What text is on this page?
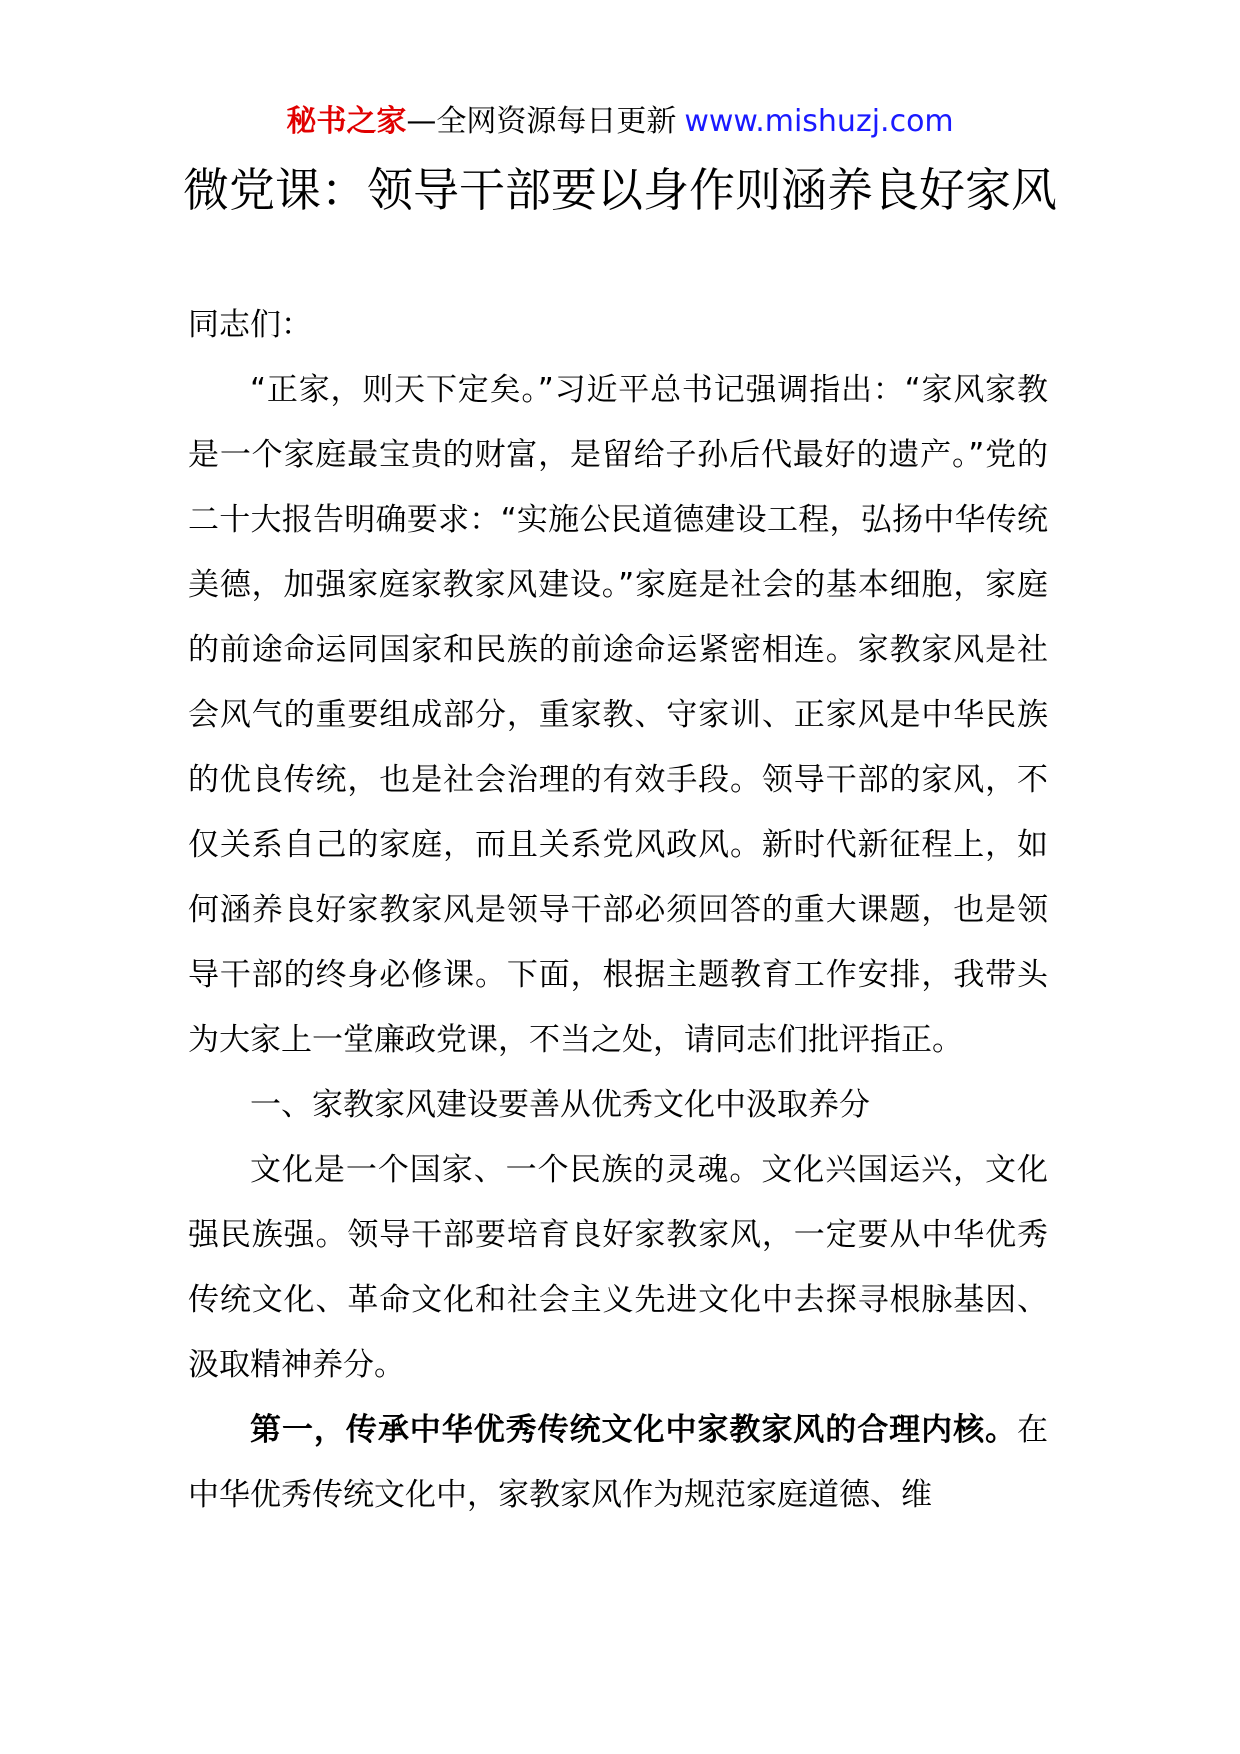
秘书之家—全网资源每日更新 www.mishuzj.com
微党课：领导干部要以身作则涵养良好家风

同志们：

“正家，则天下定矣。”习近平总书记强调指出：“家风家教是一个家庭最宝贵的财富，是留给子孙后代最好的遗产。”党的二十大报告明确要求：“实施公民道德建设工程，弘扬中华传统美德，加强家庭家教家风建设。”家庭是社会的基本细胞，家庭的前途命运同国家和民族的前途命运紧密相连。家教家风是社会风气的重要组成部分，重家教、守家训、正家风是中华民族的优良传统，也是社会治理的有效手段。领导干部的家风，不仅关系自己的家庭，而且关系党风政风。新时代新征程上，如何涵养良好家教家风是领导干部必须回答的重大课题，也是领导干部的终身必修课。下面，根据主题教育工作安排，我带头为大家上一堂廉政党课，不当之处，请同志们批评指正。

一、家教家风建设要善从优秀文化中汲取养分

文化是一个国家、一个民族的灵魂。文化兴国运兴，文化强民族强。领导干部要培育良好家教家风，一定要从中华优秀传统文化、革命文化和社会主义先进文化中去探寻根脉基因、汲取精神养分。

第一，传承中华优秀传统文化中家教家风的合理内核。在中华优秀传统文化中，家教家风作为规范家庭道德、维
